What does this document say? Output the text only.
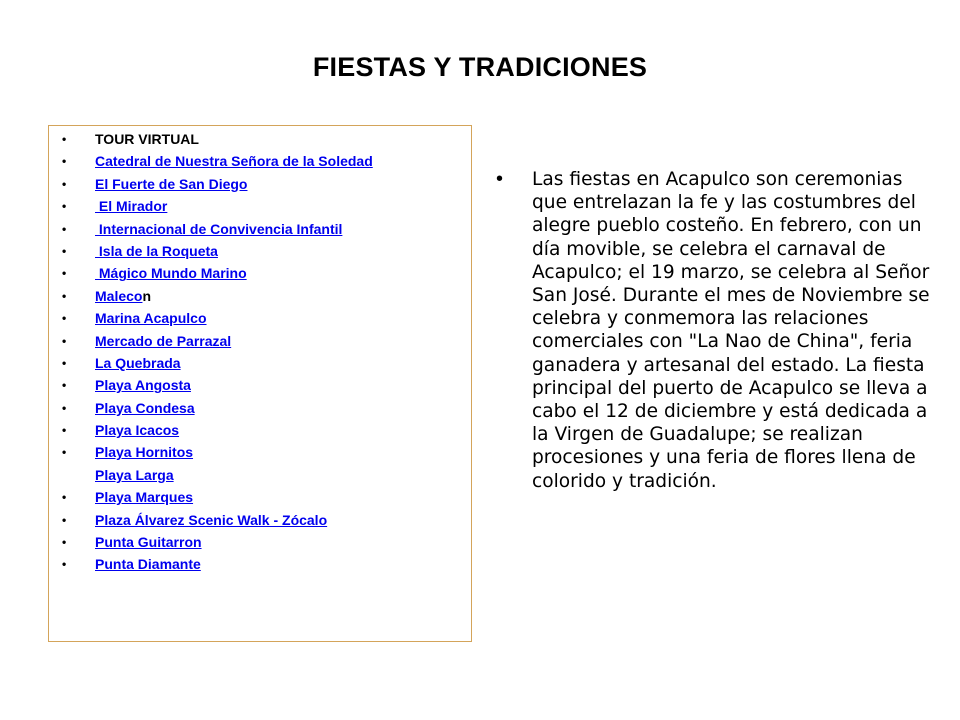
FIESTAS Y TRADICIONES
• TOUR VIRTUAL
• Catedral de Nuestra Señora de la Soledad
• El Fuerte de San Diego
• El Mirador
• Internacional de Convivencia Infantil
• Isla de la Roqueta
• Mágico Mundo Marino
• Malecon
• Marina Acapulco
• Mercado de Parrazal
• La Quebrada
• Playa Angosta
• Playa Condesa
• Playa Icacos
• Playa Hornitos
Playa Larga
• Playa Marques
• Plaza Álvarez Scenic Walk - Zócalo
• Punta Guitarron
• Punta Diamante
• Las fiestas en Acapulco son ceremonias que entrelazan la fe y las costumbres del alegre pueblo costeño. En febrero, con un día movible, se celebra el carnaval de Acapulco; el 19 marzo, se celebra al Señor San José. Durante el mes de Noviembre se celebra y conmemora las relaciones comerciales con "La Nao de China", feria ganadera y artesanal del estado. La fiesta principal del puerto de Acapulco se lleva a cabo el 12 de diciembre y está dedicada a la Virgen de Guadalupe; se realizan procesiones y una feria de flores llena de colorido y tradición.
